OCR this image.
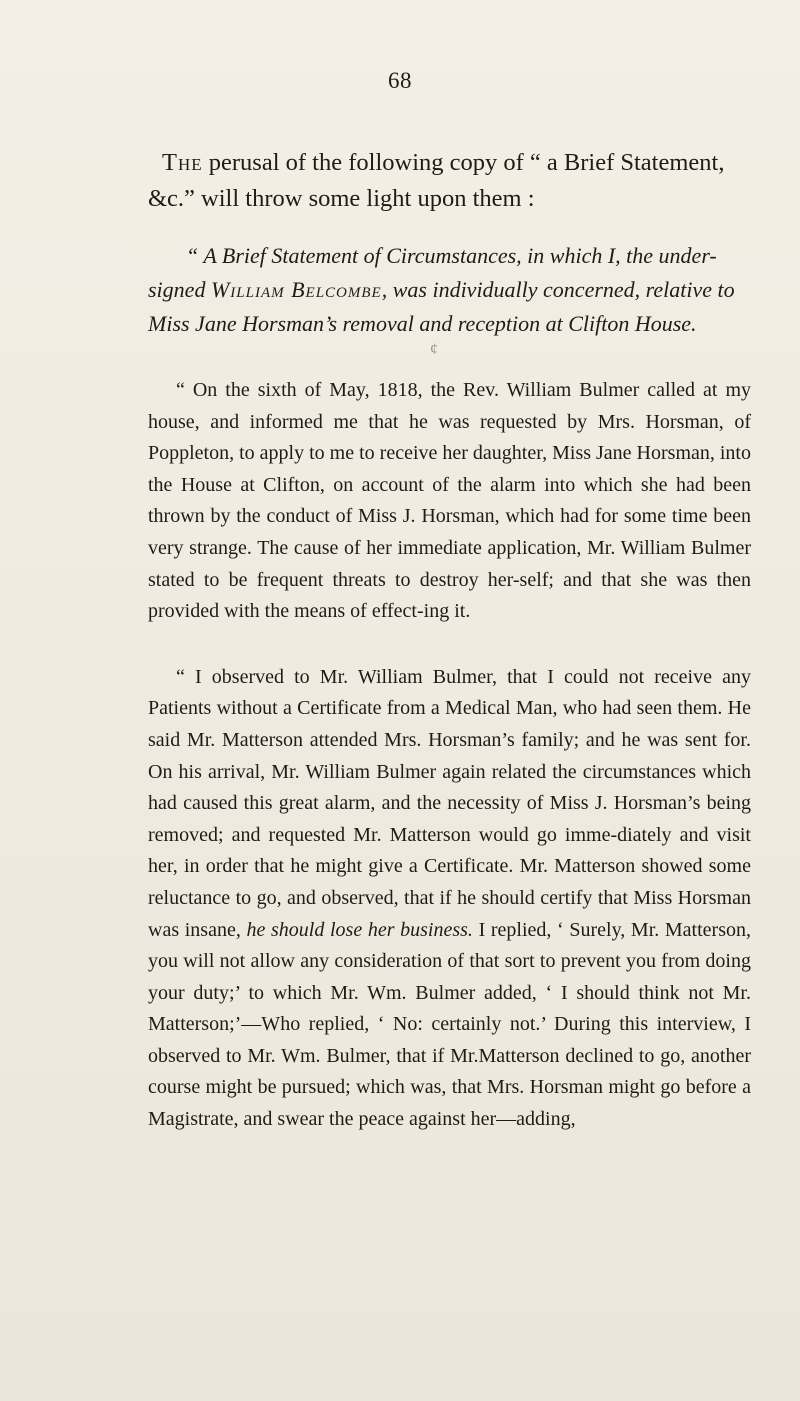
68

The perusal of the following copy of “ a Brief Statement, &c.” will throw some light upon them :

“ A Brief Statement of Circumstances, in which I, the under-signed William Belcombe, was individually concerned, relative to Miss Jane Horsman’s removal and reception at Clifton House.

¢

“ On the sixth of May, 1818, the Rev. William Bulmer called at my house, and informed me that he was requested by Mrs. Horsman, of Poppleton, to apply to me to receive her daughter, Miss Jane Horsman, into the House at Clifton, on account of the alarm into which she had been thrown by the conduct of Miss J. Horsman, which had for some time been very strange. The cause of her immediate application, Mr. William Bulmer stated to be frequent threats to destroy her-self; and that she was then provided with the means of effect-ing it.

“ I observed to Mr. William Bulmer, that I could not receive any Patients without a Certificate from a Medical Man, who had seen them. He said Mr. Matterson attended Mrs. Horsman’s family; and he was sent for. On his arrival, Mr. William Bulmer again related the circumstances which had caused this great alarm, and the necessity of Miss J. Horsman’s being removed; and requested Mr. Matterson would go imme-diately and visit her, in order that he might give a Certificate. Mr. Matterson showed some reluctance to go, and observed, that if he should certify that Miss Horsman was insane, he should lose her business. I replied, ‘ Surely, Mr. Matterson, you will not allow any consideration of that sort to prevent you from doing your duty;’ to which Mr. Wm. Bulmer added, ‘ I should think not Mr. Matterson;’—Who replied, ‘ No: certainly not.’ During this interview, I observed to Mr. Wm. Bulmer, that if Mr.Matterson declined to go, another course might be pursued; which was, that Mrs. Horsman might go before a Magistrate, and swear the peace against her—adding,
